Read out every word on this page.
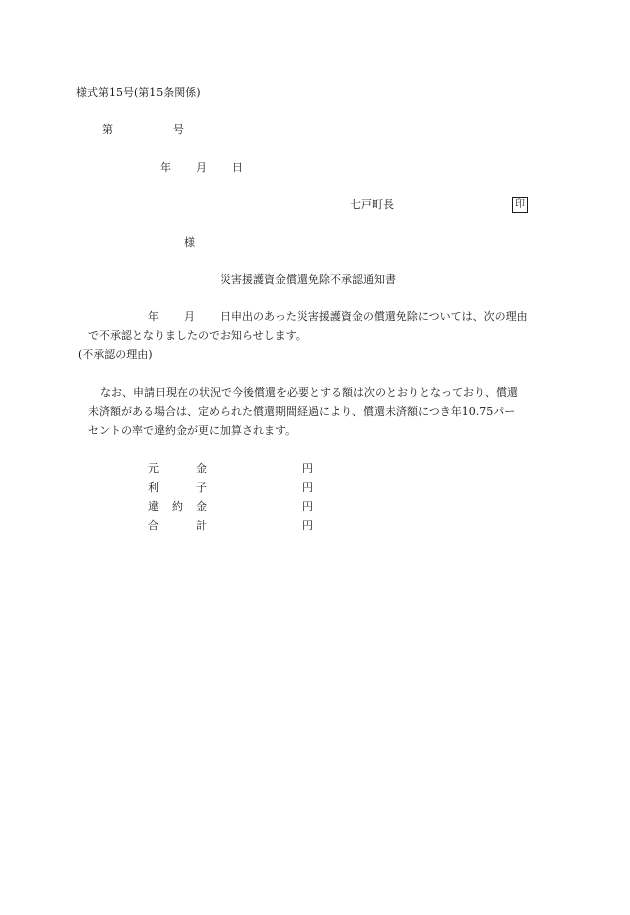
様式第15号(第15条関係)
第	号
年 月 日
七戸町長	印
様
災害援護資金償還免除不承認通知書
年 月 日申出のあった災害援護資金の償還免除については、次の理由
で不承認となりましたのでお知らせします。
(不承認の理由)
なお、申請日現在の状況で今後償還を必要とする額は次のとおりとなっており、償還
未済額がある場合は、定められた償還期間経過により、償還未済額につき年10.75パー
セントの率で違約金が更に加算されます。
元	金	円
利	子	円
違 約 金	円
合	計	円
